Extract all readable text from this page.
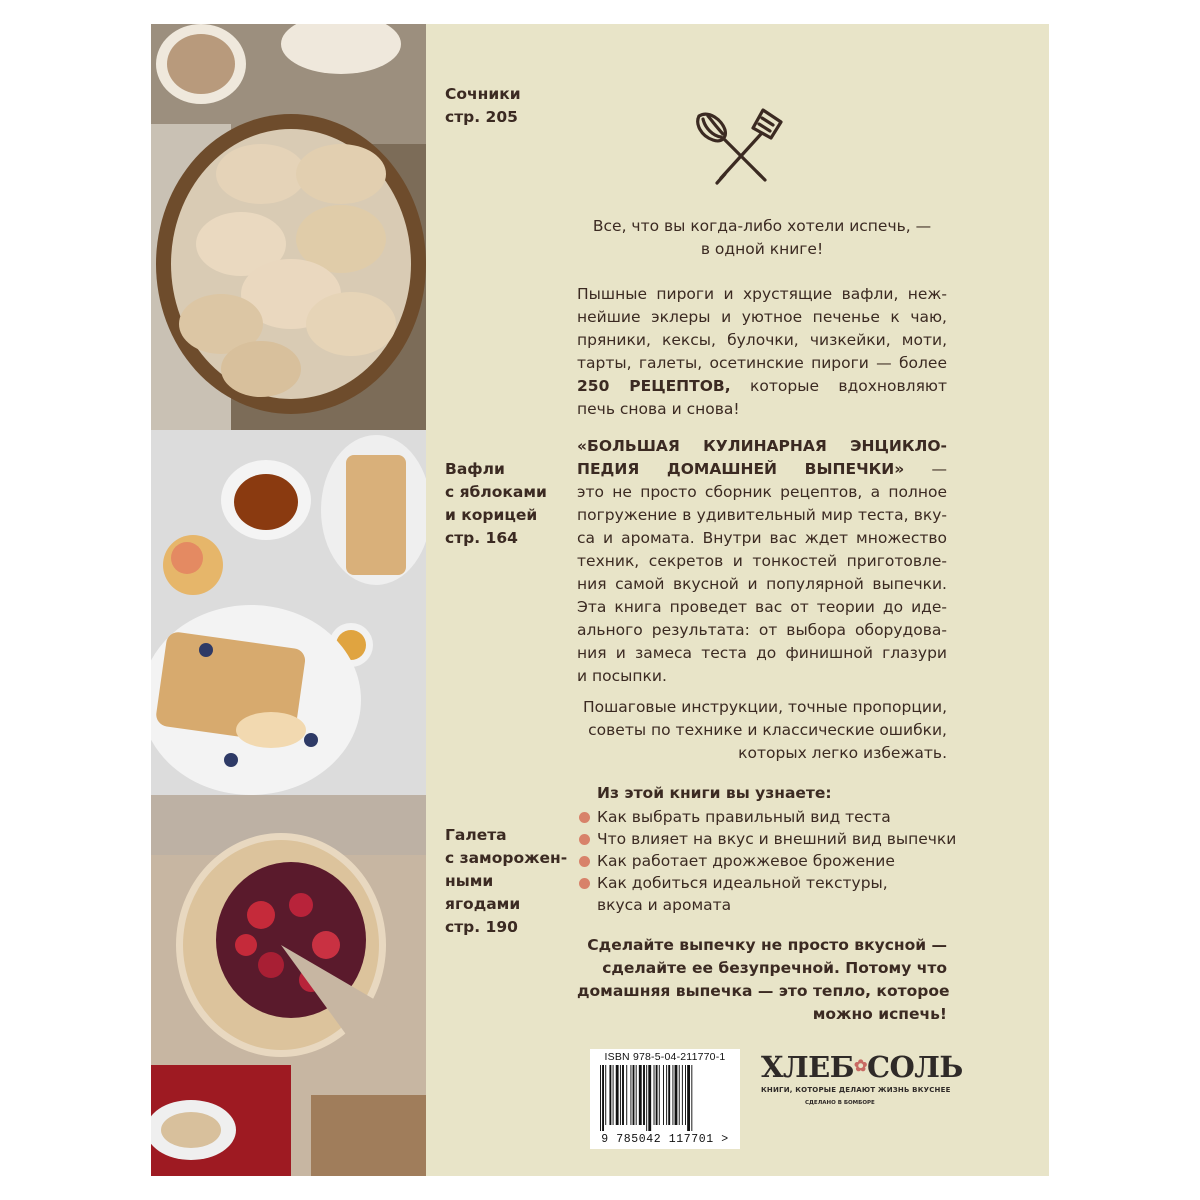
Сочники
стр. 205
Вафли
с яблоками
и корицей
стр. 164
Галета
с заморожен-
ными
ягодами
стр. 190
Все, что вы когда-либо хотели испечь, —
в одной книге!
Пышные пироги и хрустящие вафли, неж-
нейшие эклеры и уютное печенье к чаю,
пряники, кексы, булочки, чизкейки, моти,
тарты, галеты, осетинские пироги — более
250 РЕЦЕПТОВ, которые вдохновляют
печь снова и снова!
«БОЛЬШАЯ КУЛИНАРНАЯ ЭНЦИКЛО-
ПЕДИЯ ДОМАШНЕЙ ВЫПЕЧКИ» —
это не просто сборник рецептов, а полное
погружение в удивительный мир теста, вку-
са и аромата. Внутри вас ждет множество
техник, секретов и тонкостей приготовле-
ния самой вкусной и популярной выпечки.
Эта книга проведет вас от теории до иде-
ального результата: от выбора оборудова-
ния и замеса теста до финишной глазури
и посыпки.
Пошаговые инструкции, точные пропорции,
советы по технике и классические ошибки,
которых легко избежать.
Из этой книги вы узнаете:
Как выбрать правильный вид теста
Что влияет на вкус и внешний вид выпечки
Как работает дрожжевое брожение
Как добиться идеальной текстуры,
вкуса и аромата
Сделайте выпечку не просто вкусной —
сделайте ее безупречной. Потому что
домашняя выпечка — это тепло, которое
можно испечь!
ISBN 978-5-04-211770-1
9 785042 117701 >
ХЛЕБ✿СОЛЬ
КНИГИ, КОТОРЫЕ ДЕЛАЮТ ЖИЗНЬ ВКУСНЕЕ
СДЕЛАНО В БОМБОРЕ
